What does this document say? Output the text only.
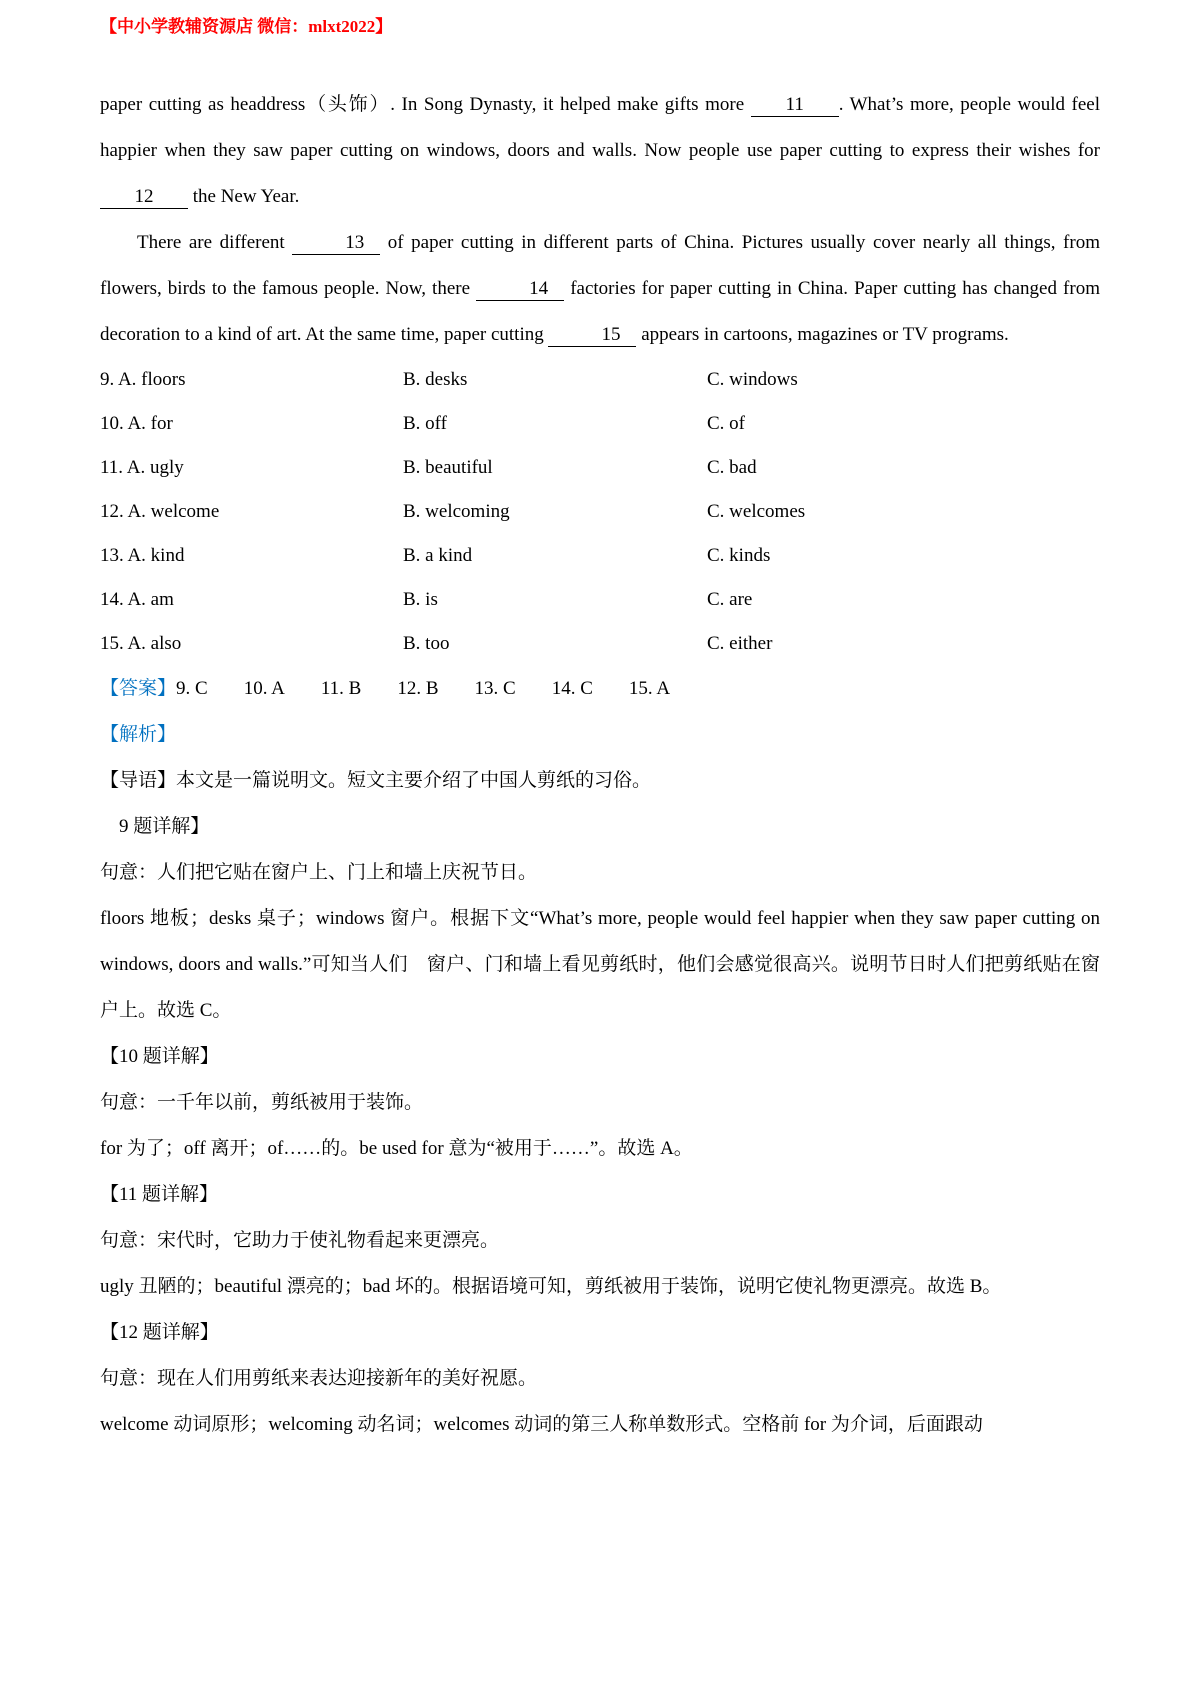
【中小学教辅资源店 微信：mlxt2022】

paper cutting as headdress（头饰）. In Song Dynasty, it helped make gifts more 11 . What’s more, people would feel happier when they saw paper cutting on windows, doors and walls. Now people use paper cutting to express their wishes for 12 the New Year.

There are different	13 of paper cutting in different parts of China. Pictures usually cover nearly all things, from flowers, birds to the famous people. Now, there	14 factories for paper cutting in China. Paper cutting has changed from decoration to a kind of art. At the same time, paper cutting	15 appears in cartoons, magazines or TV programs.

9. A. floors	B. desks	C. windows
10. A. for	B. off	C. of
11. A. ugly	B. beautiful	C. bad
12. A. welcome	B. welcoming	C. welcomes
13. A. kind	B. a kind	C. kinds
14. A. am	B. is	C. are
15. A. also	B. too	C. either
【答案】9. C 10. A 11. B 12. B 13. C 14. C 15. A

【解析】

【导语】本文是一篇说明文。短文主要介绍了中国人剪纸的习俗。

　9 题详解】

句意：人们把它贴在窗户上、门上和墙上庆祝节日。

floors 地板；desks 桌子；windows 窗户。根据下文“What’s more, people would feel happier when they saw paper cutting on windows, doors and walls.”可知当人们　窗户、门和墙上看见剪纸时，他们会感觉很高兴。说明节日时人们把剪纸贴在窗户上。故选 C。

【10 题详解】

句意：一千年以前，剪纸被用于装饰。

for 为了；off 离开；of……的。be used for 意为“被用于……”。故选 A。

【11 题详解】

句意：宋代时，它助力于使礼物看起来更漂亮。

ugly 丑陋的；beautiful 漂亮的；bad 坏的。根据语境可知，剪纸被用于装饰，说明它使礼物更漂亮。故选 B。

【12 题详解】

句意：现在人们用剪纸来表达迎接新年的美好祝愿。

welcome 动词原形；welcoming 动名词；welcomes 动词的第三人称单数形式。空格前 for 为介词，后面跟动
